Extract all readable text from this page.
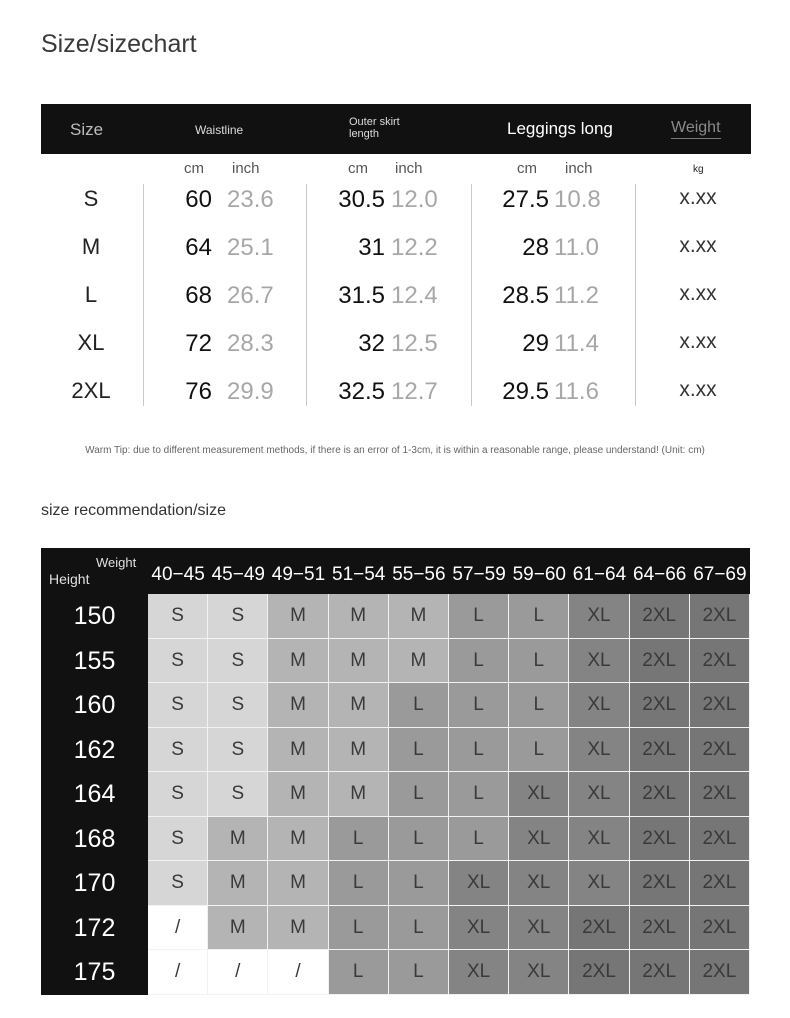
Size/sizechart
Size	Waistline
Outer skirt
length	Leggings long	Weight
cm inch	cm inch	cm inch	kg
S	60 23.6	30.5 12.0	27.5 10.8	x.xx
M	64 25.1	31 12.2	28 11.0	x.xx
L	68 26.7	31.5 12.4	28.5 11.2	x.xx
XL	72 28.3	32 12.5	29 11.4	x.xx
2XL	76 29.9	32.5 12.7	29.5 11.6	x.xx
Warm Tip: due to different measurement methods, if there is an error of 1-3cm, it is within a reasonable range, please understand! (Unit: cm)
size recommendation/size
Weight
Height	40−45 45−49 49−51 51−54 55−56 57−59 59−60 61−64 64−66 67−69
150	S	S	M	M	M	L	L	XL	2XL	2XL
155	S	S	M	M	M	L	L	XL	2XL	2XL
160	S	S	M	M	L	L	L	XL	2XL	2XL
162	S	S	M	M	L	L	L	XL	2XL	2XL
164	S	S	M	M	L	L	XL	XL	2XL	2XL
168	S	M	M	L	L	L	XL	XL	2XL	2XL
170	S	M	M	L	L	XL	XL	XL	2XL	2XL
172	/	M	M	L	L	XL	XL	2XL	2XL	2XL
175	/	/	/	L	L	XL	XL	2XL	2XL	2XL
